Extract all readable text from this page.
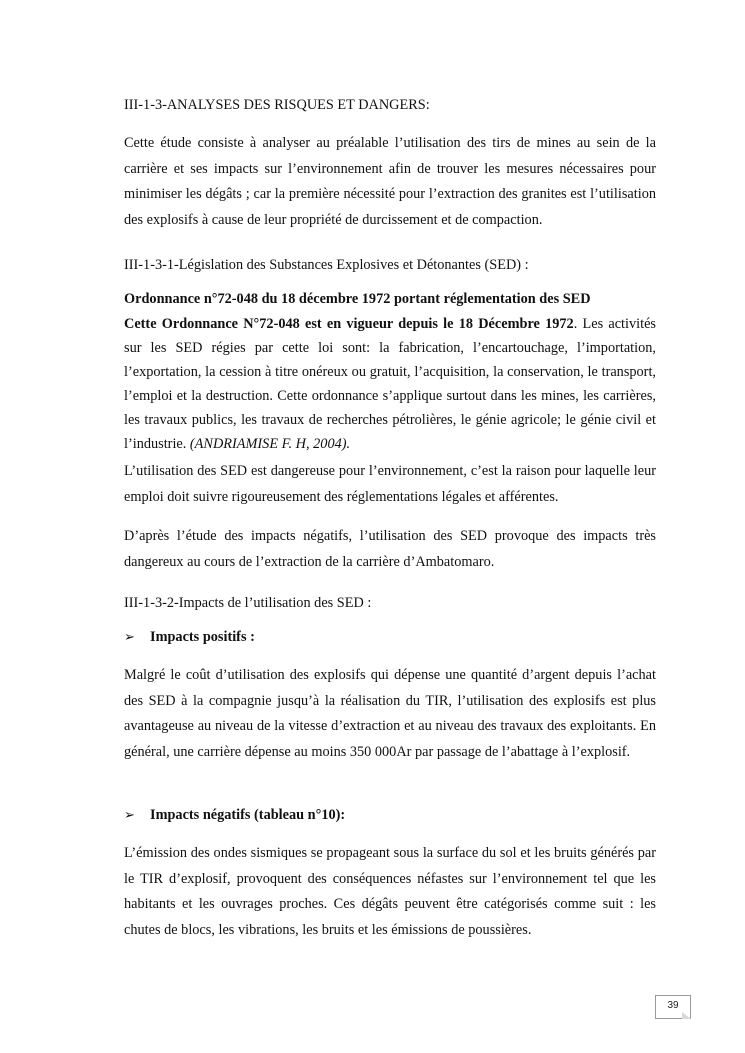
III-1-3-ANALYSES DES RISQUES ET DANGERS:
Cette étude consiste à analyser au préalable l’utilisation des tirs de mines au sein de la carrière et ses impacts sur l’environnement afin de trouver les mesures nécessaires pour minimiser les dégâts ; car la première nécessité pour l’extraction des granites est l’utilisation des explosifs à cause de leur propriété de durcissement et de compaction.
III-1-3-1-Législation des Substances Explosives et Détonantes (SED) :
Ordonnance n°72-048 du 18 décembre 1972 portant réglementation des SED
Cette Ordonnance N°72-048 est en vigueur depuis le 18 Décembre 1972. Les activités sur les SED régies par cette loi sont: la fabrication, l’encartouchage, l’importation, l’exportation, la cession à titre onéreux ou gratuit, l’acquisition, la conservation, le transport, l’emploi et la destruction. Cette ordonnance s’applique surtout dans les mines, les carrières, les travaux publics, les travaux de recherches pétrolières, le génie agricole; le génie civil et l’industrie. (ANDRIAMISE F. H, 2004).
L’utilisation des SED est dangereuse pour l’environnement, c’est la raison pour laquelle leur emploi doit suivre rigoureusement des réglementations légales et afférentes.
D’après l’étude des impacts négatifs, l’utilisation des SED provoque des impacts très dangereux au cours de l’extraction de la carrière d’Ambatomaro.
III-1-3-2-Impacts de l’utilisation des SED :
➢ Impacts positifs :
Malgré le coût d’utilisation des explosifs qui dépense une quantité d’argent depuis l’achat des SED à la compagnie jusqu’à la réalisation du TIR, l’utilisation des explosifs est plus avantageuse au niveau de la vitesse d’extraction et au niveau des travaux des exploitants. En général, une carrière dépense au moins 350 000Ar par passage de l’abattage à l’explosif.
➢ Impacts négatifs (tableau n°10):
L’émission des ondes sismiques se propageant sous la surface du sol et les bruits générés par le TIR d’explosif, provoquent des conséquences néfastes sur l’environnement tel que les habitants et les ouvrages proches. Ces dégâts peuvent être catégorisés comme suit : les chutes de blocs, les vibrations, les bruits et les émissions de poussières.
39
